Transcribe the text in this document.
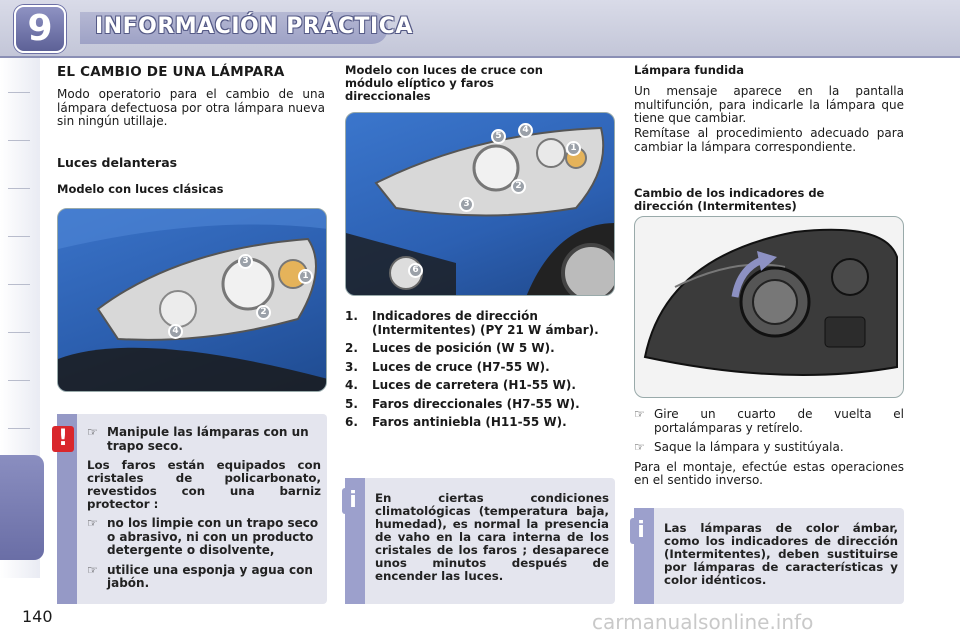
9	INFORMACIÓN PRÁCTICA
EL CAMBIO DE UNA LÁMPARA

Modo operatorio para el cambio de una lámpara defectuosa por otra lámpara nueva sin ningún utillaje.

Luces delanteras
Modelo con luces clásicas
1
2
3
4
☞ Manipule las lámparas con un trapo seco.
Los faros están equipados con cristales de policarbonato, revestidos con una barniz protector :
☞ no los limpie con un trapo seco o abrasivo, ni con un producto detergente o disolvente,
☞ utilice una esponja y agua con jabón.
!
Modelo con luces de cruce con módulo elíptico y faros direccionales
1
2
3
4
5
6
1.	Indicadores de dirección (Intermitentes) (PY 21 W ámbar).
2.	Luces de posición (W 5 W).
3.	Luces de cruce (H7-55 W).
4.	Luces de carretera (H1-55 W).
5.	Faros direccionales (H7-55 W).
6.	Faros antiniebla (H11-55 W).
En ciertas condiciones climatológicas (temperatura baja, humedad), es normal la presencia de vaho en la cara interna de los cristales de los faros ; desaparece unos minutos después de encender las luces.
i
Lámpara fundida

Un mensaje aparece en la pantalla multifunción, para indicarle la lámpara que tiene que cambiar.

Remítase al procedimiento adecuado para cambiar la lámpara correspondiente.

Cambio de los indicadores de dirección (Intermitentes)
☞ Gire un cuarto de vuelta el portalámparas y retírelo.
☞ Saque la lámpara y sustitúyala.

Para el montaje, efectúe estas operaciones en el sentido inverso.

Las lámparas de color ámbar, como los indicadores de dirección (Intermitentes), deben sustituirse por lámparas de características y color idénticos.
i
140	carmanualsonline.info
